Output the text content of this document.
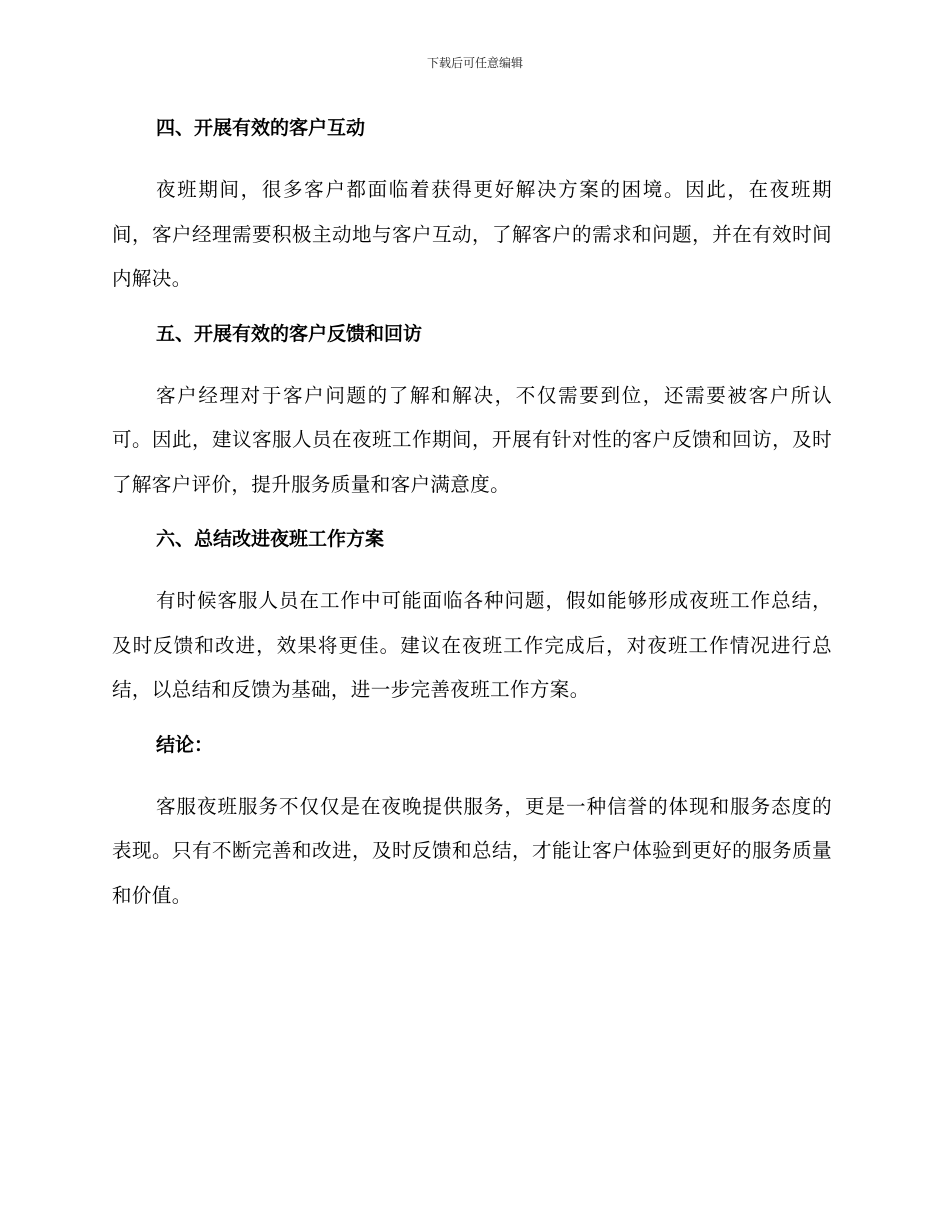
下载后可任意编辑
四、开展有效的客户互动
夜班期间，很多客户都面临着获得更好解决方案的困境。因此，在夜班期间，客户经理需要积极主动地与客户互动，了解客户的需求和问题，并在有效时间内解决。
五、开展有效的客户反馈和回访
客户经理对于客户问题的了解和解决，不仅需要到位，还需要被客户所认可。因此，建议客服人员在夜班工作期间，开展有针对性的客户反馈和回访，及时了解客户评价，提升服务质量和客户满意度。
六、总结改进夜班工作方案
有时候客服人员在工作中可能面临各种问题，假如能够形成夜班工作总结，及时反馈和改进，效果将更佳。建议在夜班工作完成后，对夜班工作情况进行总结，以总结和反馈为基础，进一步完善夜班工作方案。
结论：
客服夜班服务不仅仅是在夜晚提供服务，更是一种信誉的体现和服务态度的表现。只有不断完善和改进，及时反馈和总结，才能让客户体验到更好的服务质量和价值。
